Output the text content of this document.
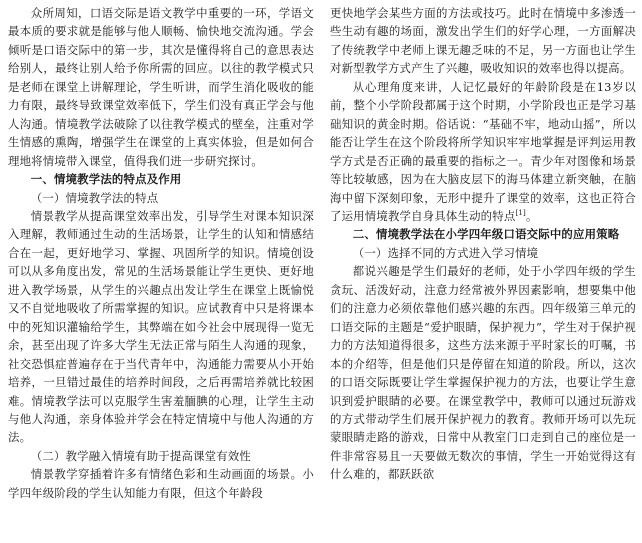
众所周知，口语交际是语文教学中重要的一环，学语文最本质的要求就是能够与他人顺畅、愉快地交流沟通。学会倾听是口语交际中的第一步，其次是懂得将自己的意思表达给别人，最终让别人给予你所需的回应。以往的教学模式只是老师在课堂上讲解理论，学生听讲，而学生消化吸收的能力有限，最终导致课堂效率低下，学生们没有真正学会与他人沟通。情境教学法破除了以往教学模式的壁垒，注重对学生情感的熏陶，增强学生在课堂的上真实体验，但是如何合理地将情境带入课堂，值得我们进一步研究探讨。

一、情境教学法的特点及作用
（一）情境教学法的特点

情景教学从提高课堂效率出发，引导学生对课本知识深入理解，教师通过生动的生活场景，让学生的认知和情感结合在一起，更好地学习、掌握、巩固所学的知识。情境创设可以从多角度出发，常见的生活场景能让学生更快、更好地进入教学场景，从学生的兴趣点出发让学生在课堂上既愉悦又不自觉地吸收了所需掌握的知识。应试教育中只是将课本中的死知识灌输给学生，其弊端在如今社会中展现得一览无余，甚至出现了许多大学生无法正常与陌生人沟通的现象，社交恐惧症普遍存在于当代青年中，沟通能力需要从小开始培养，一旦错过最佳的培养时间段，之后再需培养就比较困难。情境教学法可以克服学生害羞腼腆的心理，让学生主动与他人沟通，亲身体验并学会在特定情境中与他人沟通的方法。

（二）教学融入情境有助于提高课堂有效性

情景教学穿插着许多有情绪色彩和生动画面的场景。小学四年级阶段的学生认知能力有限，但这个年龄段

更快地学会某些方面的方法或技巧。此时在情境中多渗透一些生动有趣的场面，激发出学生们的好学心理，一方面解决了传统教学中老师上课无趣乏味的不足，另一方面也让学生对新型教学方式产生了兴趣，吸收知识的效率也得以提高。

从心理角度来讲，人记忆最好的年龄阶段是在13岁以前，整个小学阶段都属于这个时期，小学阶段也正是学习基础知识的黄金时期。俗话说：“基础不牢，地动山摇”，所以能否让学生在这个阶段将所学知识牢牢地掌握是评判运用教学方式是否正确的最重要的指标之一。青少年对图像和场景等比较敏感，因为在大脑皮层下的海马体建立新突触，在脑海中留下深刻印象，无形中提升了课堂的效率，这也正符合了运用情境教学自身具体生动的特点[1]。

二、情境教学法在小学四年级口语交际中的应用策略
（一）选择不同的方式进入学习情境

都说兴趣是学生们最好的老师，处于小学四年级的学生贪玩、活泼好动，注意力经常被外界因素影响，想要集中他们的注意力必须依靠他们感兴趣的东西。四年级第三单元的口语交际的主题是“爱护眼睛，保护视力”，学生对于保护视力的方法知道得很多，这些方法来源于平时家长的叮嘱，书本的介绍等，但是他们只是停留在知道的阶段。所以，这次的口语交际既要让学生掌握保护视力的方法，也要让学生意识到爱护眼睛的必要。在课堂教学中，教师可以通过玩游戏的方式带动学生们展开保护视力的教育。教师开场可以先玩蒙眼睛走路的游戏，日常中从教室门口走到自己的座位是一件非常容易且一天要做无数次的事情，学生一开始觉得这有什么难的，都跃跃欲
